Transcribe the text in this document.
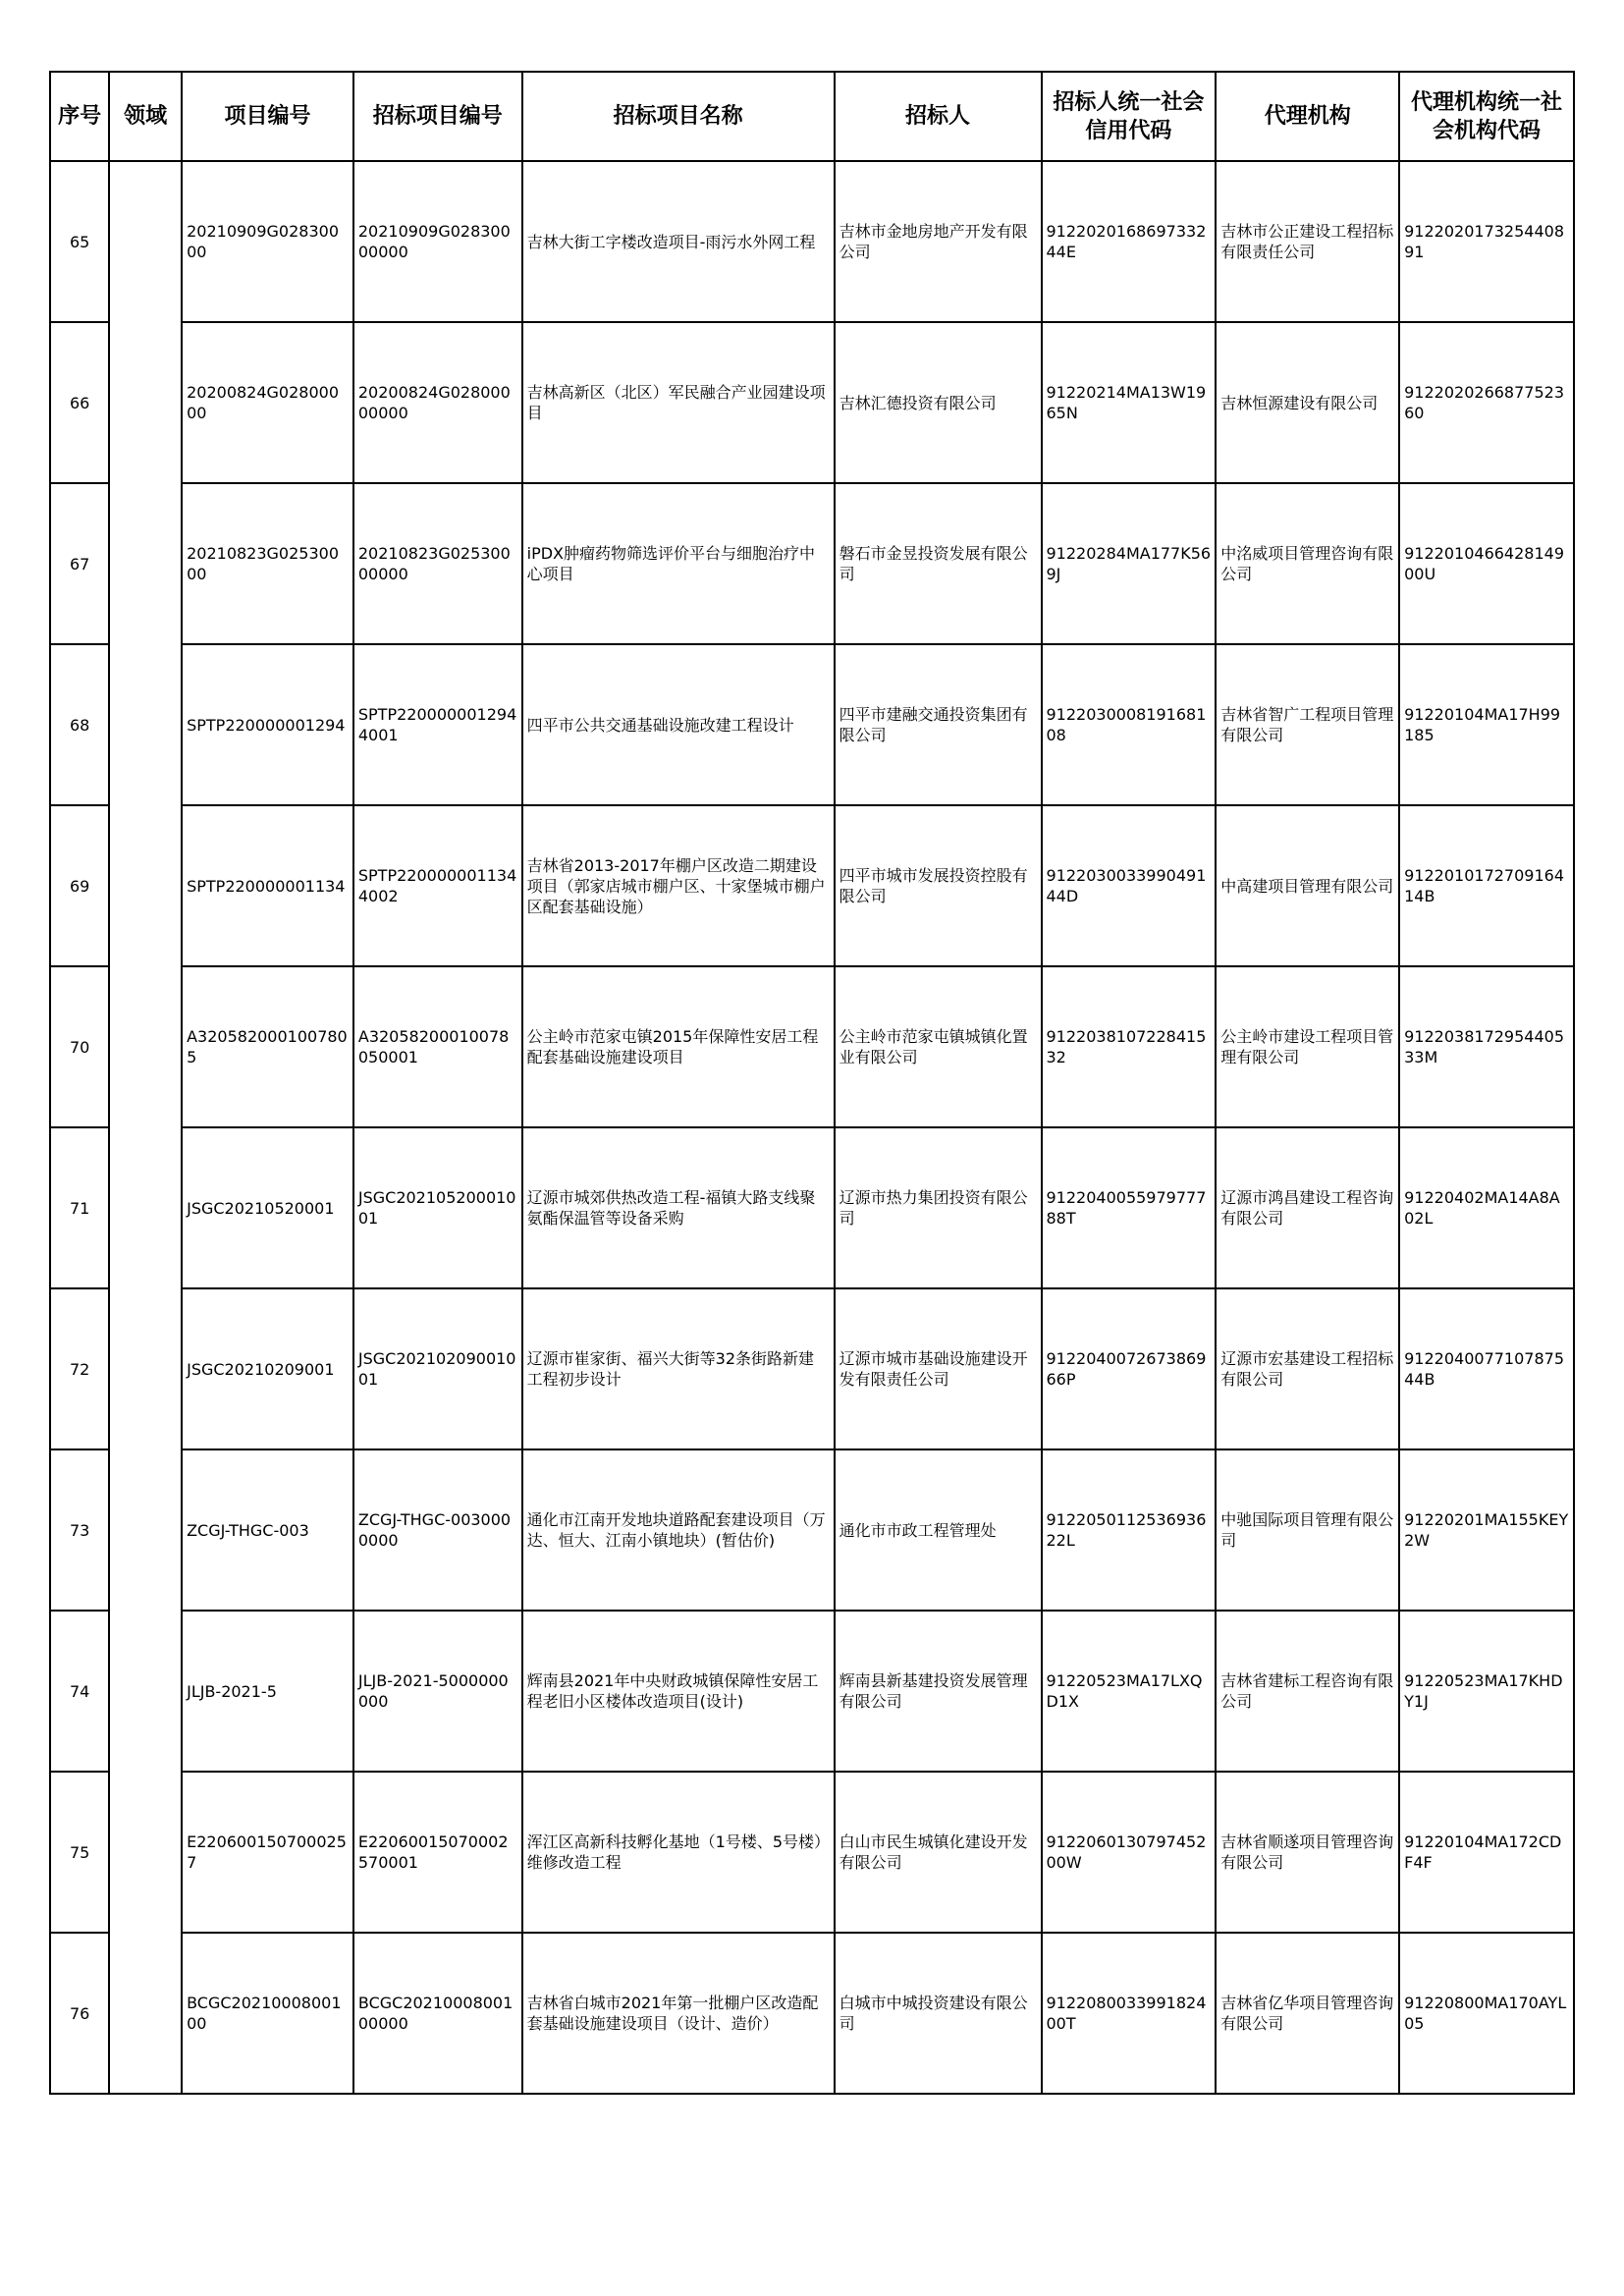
序号	领域	项目编号	招标项目编号	招标项目名称	招标人	招标人统一社会信用代码	代理机构	代理机构统一社会机构代码
65		20210909G02830000	20210909G02830000000	吉林大街工字楼改造项目-雨污水外网工程	吉林市金地房地产开发有限公司	912202016869733244E	吉林市公正建设工程招标有限责任公司	912202017325440891
66		20200824G02800000	20200824G02800000000	吉林高新区（北区）军民融合产业园建设项目	吉林汇德投资有限公司	91220214MA13W1965N	吉林恒源建设有限公司	912202026687752360
67		20210823G02530000	20210823G02530000000	iPDX肿瘤药物筛选评价平台与细胞治疗中心项目	磐石市金昱投资发展有限公司	91220284MA177K569J	中洺威项目管理咨询有限公司	912201046642814900U
68		SPTP220000001294	SPTP2200000012944001	四平市公共交通基础设施改建工程设计	四平市建融交通投资集团有限公司	912203000819168108	吉林省智广工程项目管理有限公司	91220104MA17H99185
69		SPTP220000001134	SPTP2200000011344002	吉林省2013-2017年棚户区改造二期建设项目（郭家店城市棚户区、十家堡城市棚户区配套基础设施）	四平市城市发展投资控股有限公司	912203003399049144D	中高建项目管理有限公司	912201017270916414B
70		A3205820001007805	A32058200010078050001	公主岭市范家屯镇2015年保障性安居工程配套基础设施建设项目	公主岭市范家屯镇城镇化置业有限公司	912203810722841532	公主岭市建设工程项目管理有限公司	912203817295440533M
71		JSGC20210520001	JSGC20210520001001	辽源市城郊供热改造工程-福镇大路支线聚氨酯保温管等设备采购	辽源市热力集团投资有限公司	912204005597977788T	辽源市鸿昌建设工程咨询有限公司	91220402MA14A8A02L
72		JSGC20210209001	JSGC20210209001001	辽源市崔家街、福兴大街等32条街路新建工程初步设计	辽源市城市基础设施建设开发有限责任公司	912204007267386966P	辽源市宏基建设工程招标有限公司	912204007710787544B
73		ZCGJ-THGC-003	ZCGJ-THGC-0030000000	通化市江南开发地块道路配套建设项目（万达、恒大、江南小镇地块）(暂估价)	通化市市政工程管理处	912205011253693622L	中驰国际项目管理有限公司	91220201MA155KEY2W
74		JLJB-2021-5	JLJB-2021-5000000000	辉南县2021年中央财政城镇保障性安居工程老旧小区楼体改造项目(设计)	辉南县新基建投资发展管理有限公司	91220523MA17LXQD1X	吉林省建标工程咨询有限公司	91220523MA17KHDY1J
75		E2206001507000257	E22060015070002570001	浑江区高新科技孵化基地（1号楼、5号楼）维修改造工程	白山市民生城镇化建设开发有限公司	912206013079745200W	吉林省顺遂项目管理咨询有限公司	91220104MA172CDF4F
76		BCGC2021000800100	BCGC2021000800100000	吉林省白城市2021年第一批棚户区改造配套基础设施建设项目（设计、造价）	白城市中城投资建设有限公司	912208003399182400T	吉林省亿华项目管理咨询有限公司	91220800MA170AYL05
